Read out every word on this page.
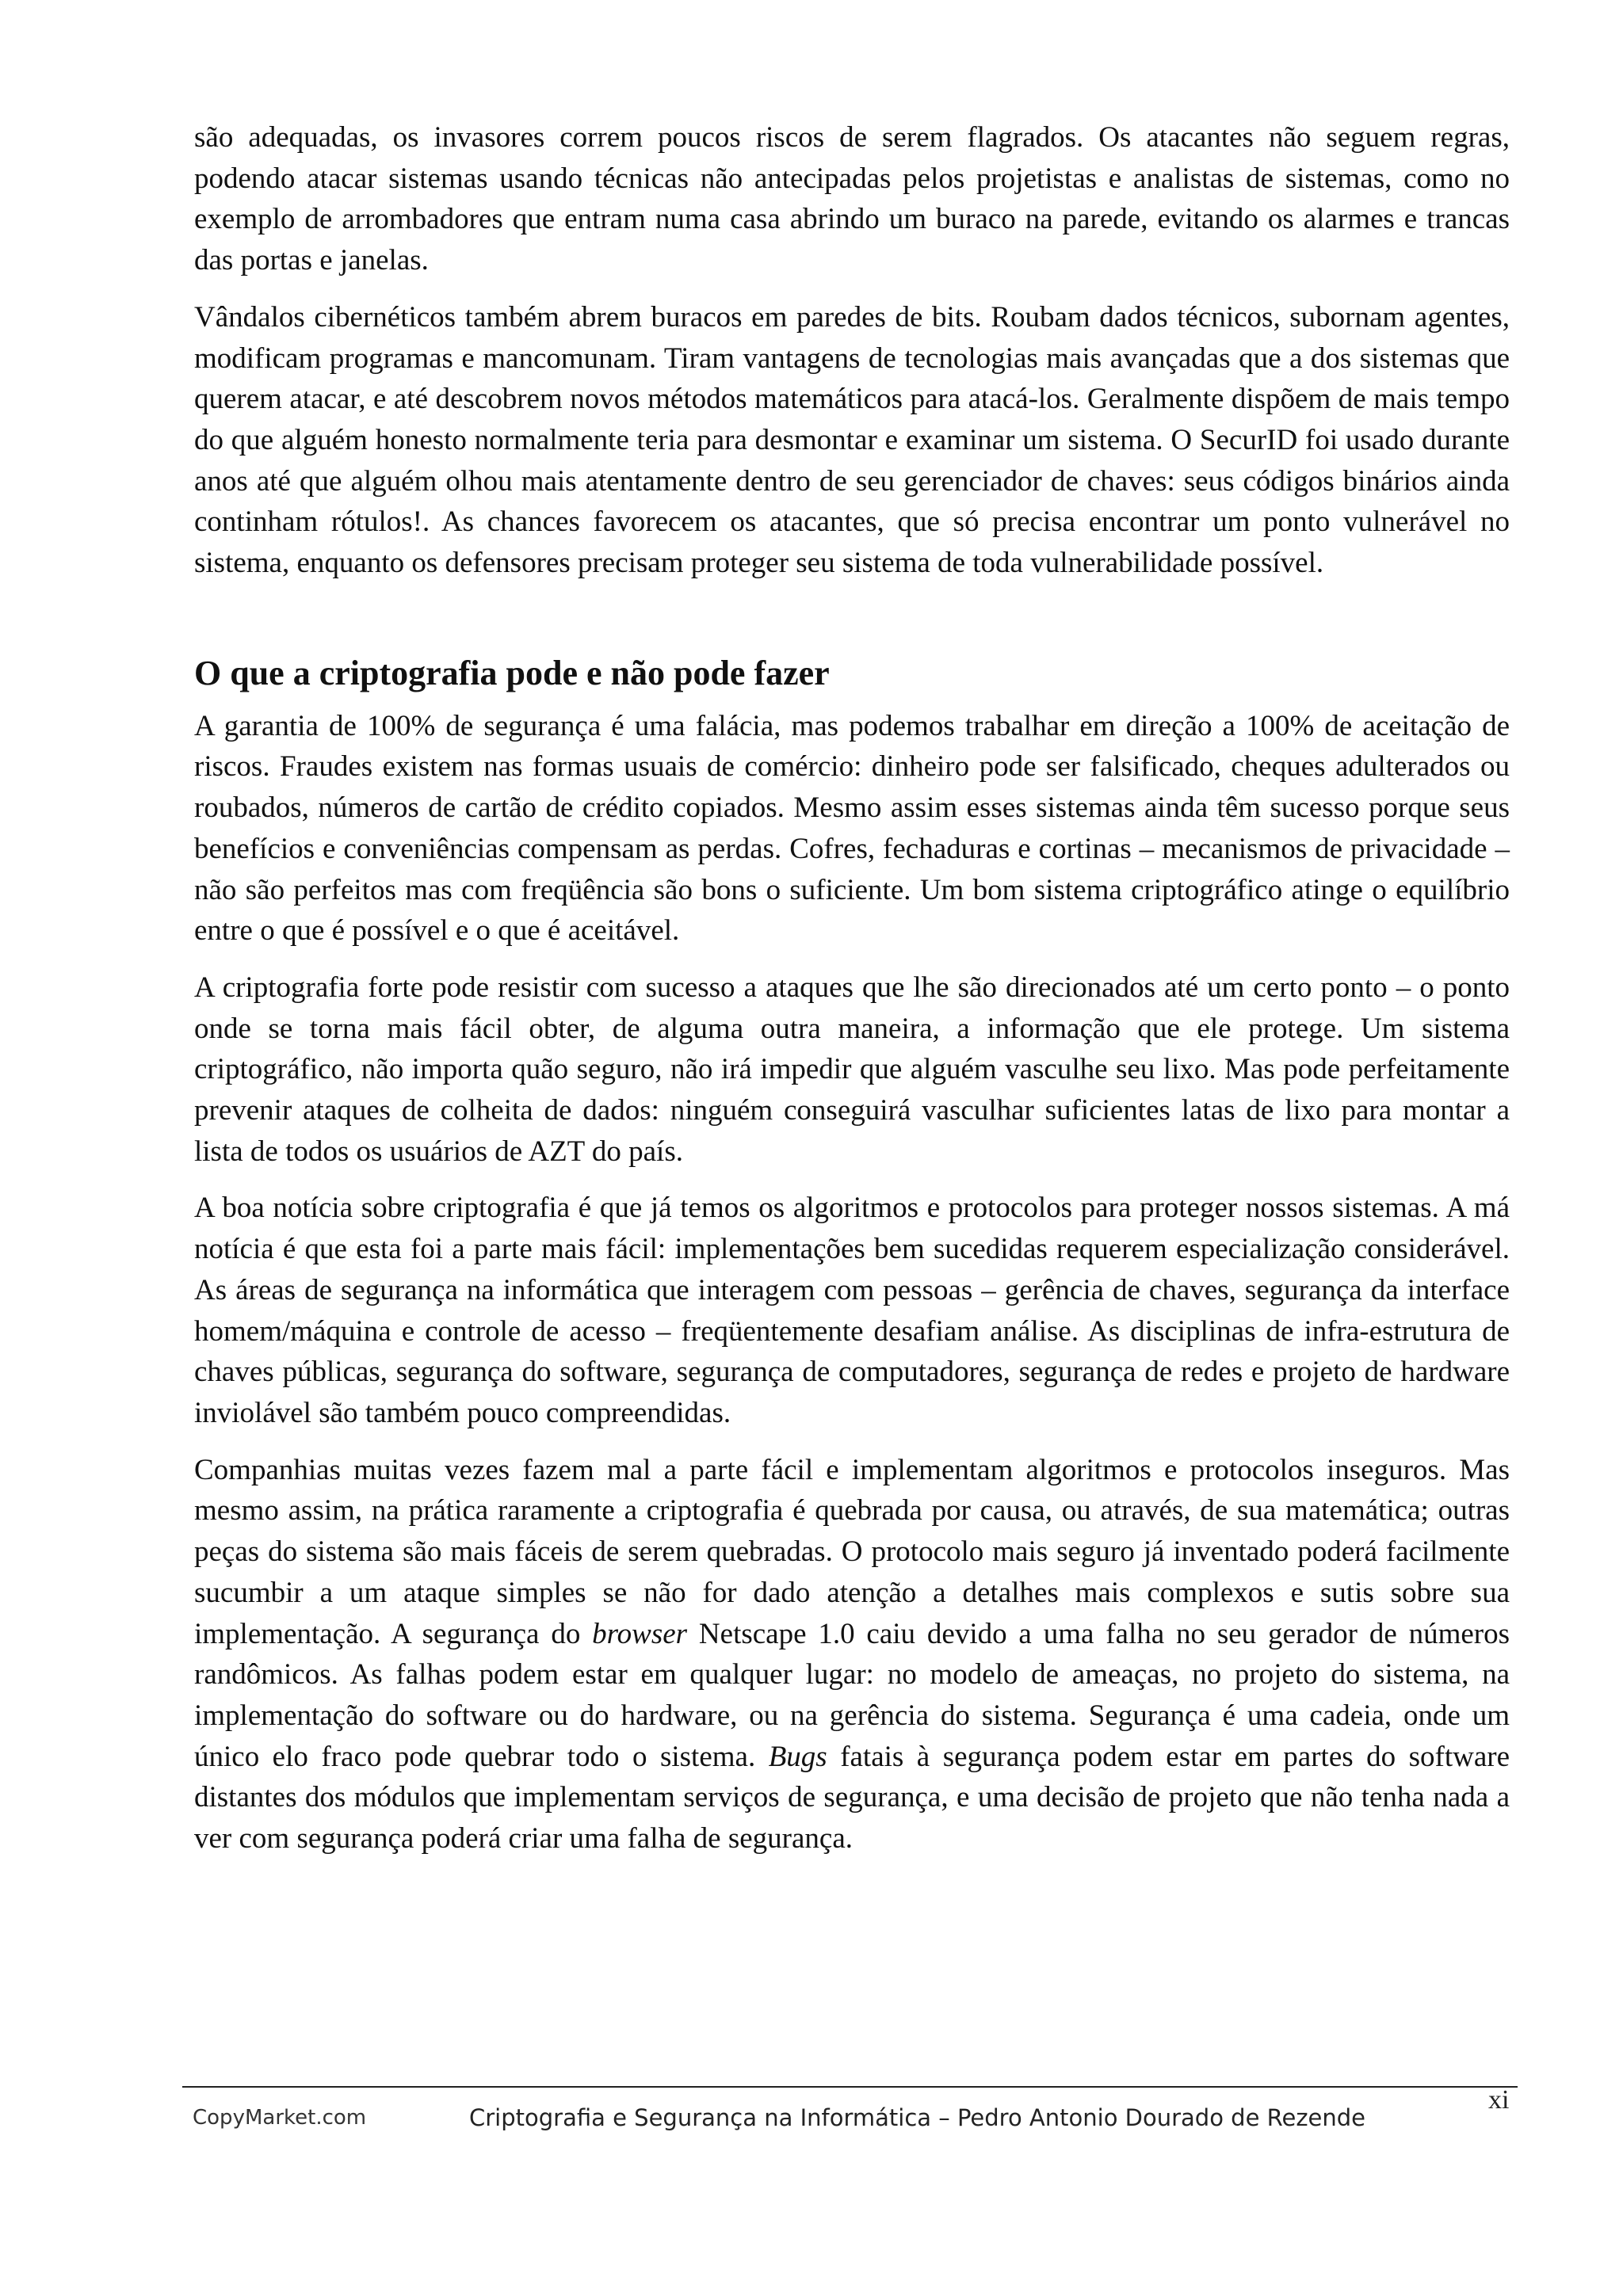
são adequadas, os invasores correm poucos riscos de serem flagrados. Os atacantes não seguem regras, podendo atacar sistemas usando técnicas não antecipadas pelos projetistas e analistas de sistemas, como no exemplo de arrombadores que entram numa casa abrindo um buraco na parede, evitando os alarmes e trancas das portas e janelas.

Vândalos cibernéticos também abrem buracos em paredes de bits. Roubam dados técnicos, subornam agentes, modificam programas e mancomunam. Tiram vantagens de tecnologias mais avançadas que a dos sistemas que querem atacar, e até descobrem novos métodos matemáticos para atacá-los. Geralmente dispõem de mais tempo do que alguém honesto normalmente teria para desmontar e examinar um sistema. O SecurID foi usado durante anos até que alguém olhou mais atentamente dentro de seu gerenciador de chaves: seus códigos binários ainda continham rótulos!. As chances favorecem os atacantes, que só precisa encontrar um ponto vulnerável no sistema, enquanto os defensores precisam proteger seu sistema de toda vulnerabilidade possível.

O que a criptografia pode e não pode fazer

A garantia de 100% de segurança é uma falácia, mas podemos trabalhar em direção a 100% de aceitação de riscos. Fraudes existem nas formas usuais de comércio: dinheiro pode ser falsificado, cheques adulterados ou roubados, números de cartão de crédito copiados. Mesmo assim esses sistemas ainda têm sucesso porque seus benefícios e conveniências compensam as perdas. Cofres, fechaduras e cortinas – mecanismos de privacidade – não são perfeitos mas com freqüência são bons o suficiente. Um bom sistema criptográfico atinge o equilíbrio entre o que é possível e o que é aceitável.

A criptografia forte pode resistir com sucesso a ataques que lhe são direcionados até um certo ponto – o ponto onde se torna mais fácil obter, de alguma outra maneira, a informação que ele protege. Um sistema criptográfico, não importa quão seguro, não irá impedir que alguém vasculhe seu lixo. Mas pode perfeitamente prevenir ataques de colheita de dados: ninguém conseguirá vasculhar suficientes latas de lixo para montar a lista de todos os usuários de AZT do país.

A boa notícia sobre criptografia é que já temos os algoritmos e protocolos para proteger nossos sistemas. A má notícia é que esta foi a parte mais fácil: implementações bem sucedidas requerem especialização considerável. As áreas de segurança na informática que interagem com pessoas – gerência de chaves, segurança da interface homem/máquina e controle de acesso – freqüentemente desafiam análise. As disciplinas de infra-estrutura de chaves públicas, segurança do software, segurança de computadores, segurança de redes e projeto de hardware inviolável são também pouco compreendidas.

Companhias muitas vezes fazem mal a parte fácil e implementam algoritmos e protocolos inseguros. Mas mesmo assim, na prática raramente a criptografia é quebrada por causa, ou através, de sua matemática; outras peças do sistema são mais fáceis de serem quebradas. O protocolo mais seguro já inventado poderá facilmente sucumbir a um ataque simples se não for dado atenção a detalhes mais complexos e sutis sobre sua implementação. A segurança do browser Netscape 1.0 caiu devido a uma falha no seu gerador de números randômicos. As falhas podem estar em qualquer lugar: no modelo de ameaças, no projeto do sistema, na implementação do software ou do hardware, ou na gerência do sistema. Segurança é uma cadeia, onde um único elo fraco pode quebrar todo o sistema. Bugs fatais à segurança podem estar em partes do software distantes dos módulos que implementam serviços de segurança, e uma decisão de projeto que não tenha nada a ver com segurança poderá criar uma falha de segurança.

CopyMarket.com	Criptografia e Segurança na Informática – Pedro Antonio Dourado de Rezende
xi
